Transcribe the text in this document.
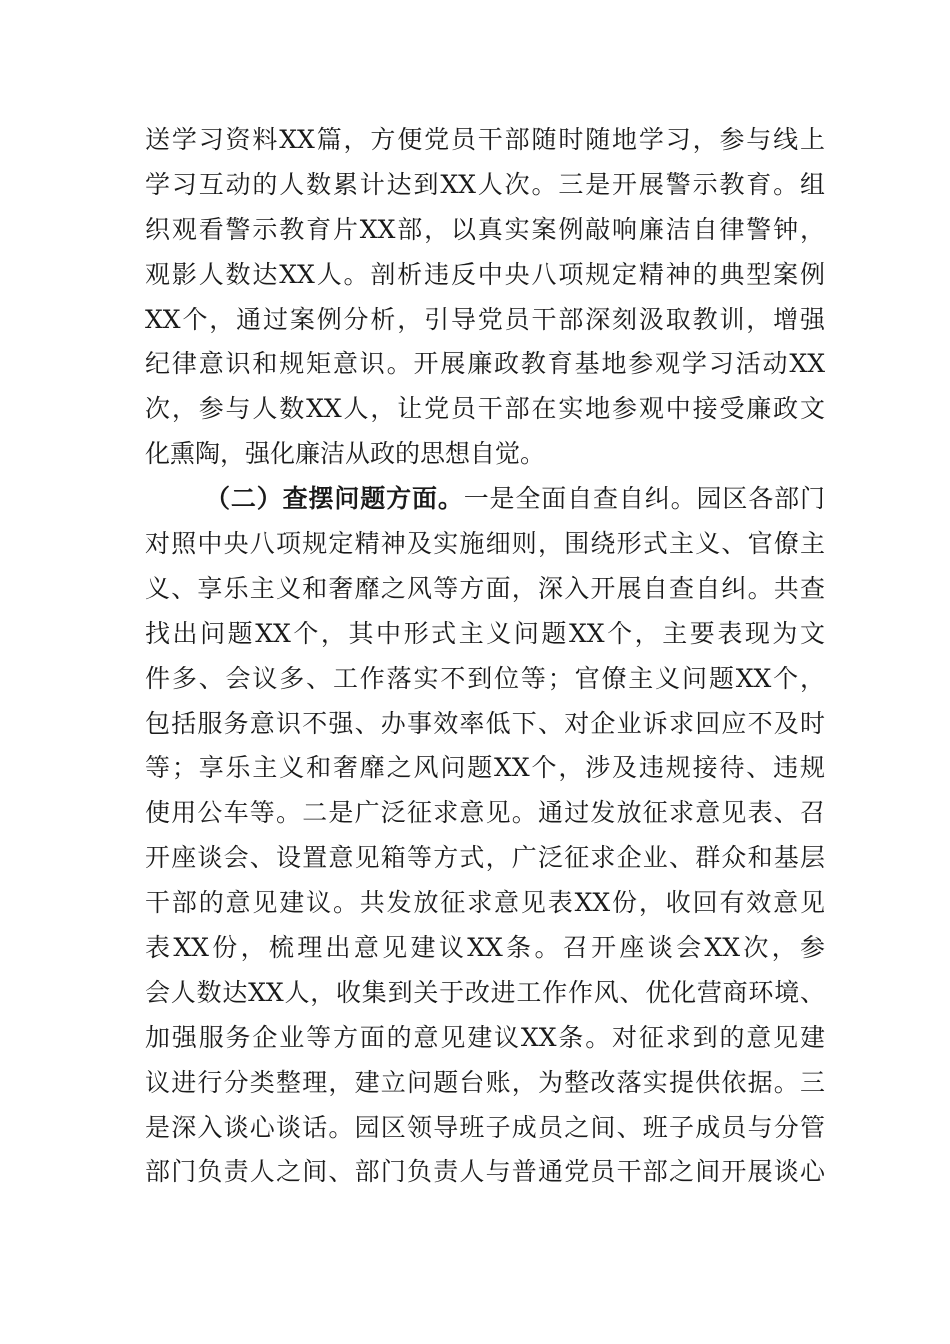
送学习资料XX篇，方便党员干部随时随地学习，参与线上
学习互动的人数累计达到XX人次。三是开展警示教育。组
织观看警示教育片XX部，以真实案例敲响廉洁自律警钟，
观影人数达XX人。剖析违反中央八项规定精神的典型案例
XX个，通过案例分析，引导党员干部深刻汲取教训，增强
纪律意识和规矩意识。开展廉政教育基地参观学习活动XX
次，参与人数XX人，让党员干部在实地参观中接受廉政文
化熏陶，强化廉洁从政的思想自觉。
（二）查摆问题方面。一是全面自查自纠。园区各部门
对照中央八项规定精神及实施细则，围绕形式主义、官僚主
义、享乐主义和奢靡之风等方面，深入开展自查自纠。共查
找出问题XX个，其中形式主义问题XX个，主要表现为文
件多、会议多、工作落实不到位等；官僚主义问题XX个，
包括服务意识不强、办事效率低下、对企业诉求回应不及时
等；享乐主义和奢靡之风问题XX个，涉及违规接待、违规
使用公车等。二是广泛征求意见。通过发放征求意见表、召
开座谈会、设置意见箱等方式，广泛征求企业、群众和基层
干部的意见建议。共发放征求意见表XX份，收回有效意见
表XX份，梳理出意见建议XX条。召开座谈会XX次，参
会人数达XX人，收集到关于改进工作作风、优化营商环境、
加强服务企业等方面的意见建议XX条。对征求到的意见建
议进行分类整理，建立问题台账，为整改落实提供依据。三
是深入谈心谈话。园区领导班子成员之间、班子成员与分管
部门负责人之间、部门负责人与普通党员干部之间开展谈心
